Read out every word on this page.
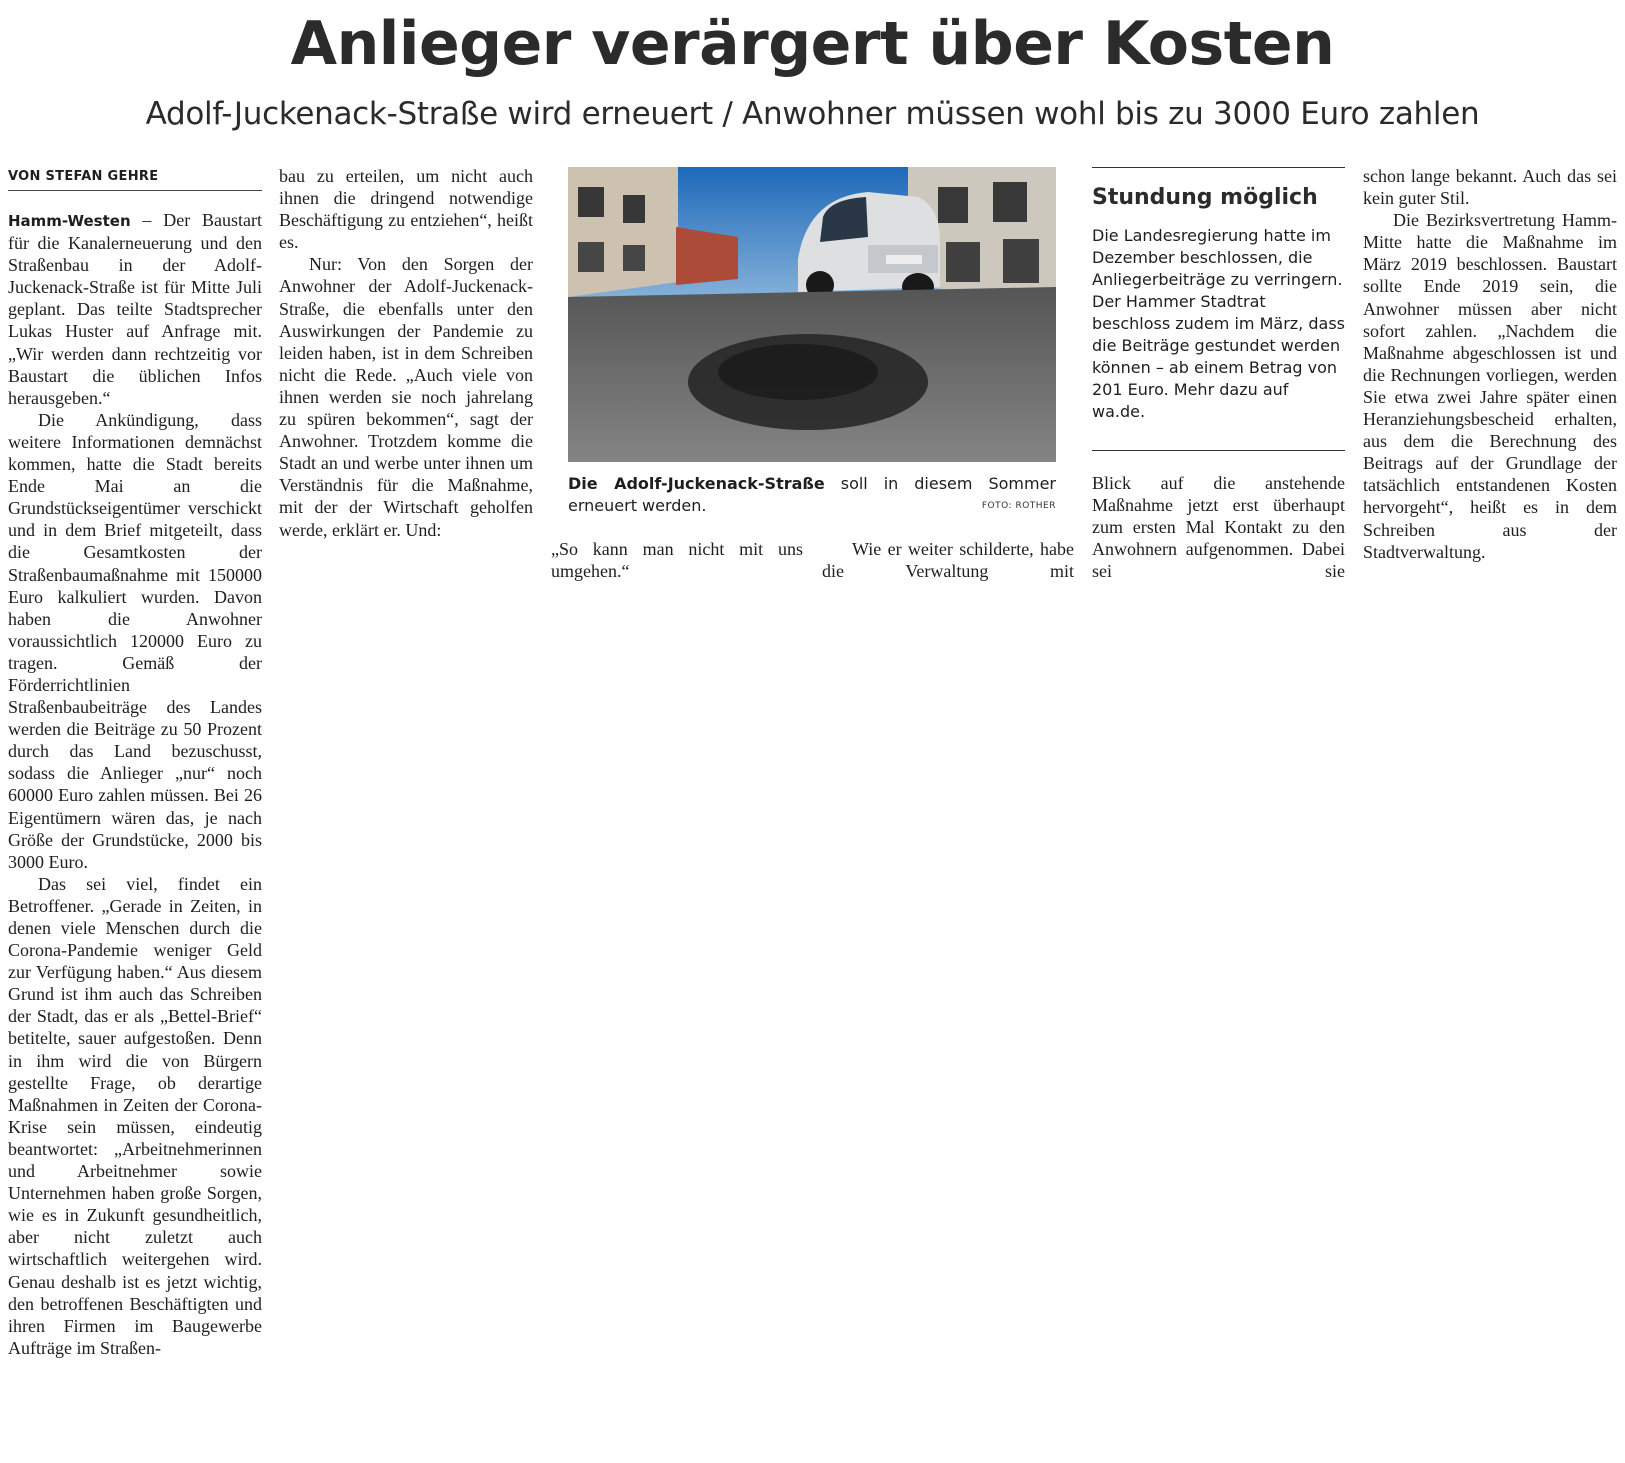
Anlieger verärgert über Kosten
Adolf-Juckenack-Straße wird erneuert / Anwohner müssen wohl bis zu 3000 Euro zahlen
VON STEFAN GEHRE

Hamm-Westen – Der Baustart für die Kanalerneuerung und den Straßenbau in der Adolf-Juckenack-Straße ist für Mitte Juli geplant. Das teilte Stadtsprecher Lukas Huster auf Anfrage mit. „Wir werden dann rechtzeitig vor Baustart die üblichen Infos herausgeben.“

Die Ankündigung, dass weitere Informationen demnächst kommen, hatte die Stadt bereits Ende Mai an die Grundstückseigentümer verschickt und in dem Brief mitgeteilt, dass die Gesamtkosten der Straßenbaumaßnahme mit 150000 Euro kalkuliert wurden. Davon haben die Anwohner voraussichtlich 120000 Euro zu tragen. Gemäß der Förderrichtlinien Straßenbaubeiträge des Landes werden die Beiträge zu 50 Prozent durch das Land bezuschusst, sodass die Anlieger „nur“ noch 60000 Euro zahlen müssen. Bei 26 Eigentümern wären das, je nach Größe der Grundstücke, 2000 bis 3000 Euro.

Das sei viel, findet ein Betroffener. „Gerade in Zeiten, in denen viele Menschen durch die Corona-Pandemie weniger Geld zur Verfügung haben.“ Aus diesem Grund ist ihm auch das Schreiben der Stadt, das er als „Bettel-Brief“ betitelte, sauer aufgestoßen. Denn in ihm wird die von Bürgern gestellte Frage, ob derartige Maßnahmen in Zeiten der Corona-Krise sein müssen, eindeutig beantwortet: „Arbeitnehmerinnen und Arbeitnehmer sowie Unternehmen haben große Sorgen, wie es in Zukunft gesundheitlich, aber nicht zuletzt auch wirtschaftlich weitergehen wird. Genau deshalb ist es jetzt wichtig, den betroffenen Beschäftigten und ihren Firmen im Baugewerbe Aufträge im Straßen-

bau zu erteilen, um nicht auch ihnen die dringend notwendige Beschäftigung zu entziehen“, heißt es.

Nur: Von den Sorgen der Anwohner der Adolf-Juckenack-Straße, die ebenfalls unter den Auswirkungen der Pandemie zu leiden haben, ist in dem Schreiben nicht die Rede. „Auch viele von ihnen werden sie noch jahrelang zu spüren bekommen“, sagt der Anwohner. Trotzdem komme die Stadt an und werbe unter ihnen um Verständnis für die Maßnahme, mit der der Wirtschaft geholfen werde, erklärt er. Und:

Die Adolf-Juckenack-Straße soll in diesem Sommer erneuert werden.	FOTO: ROTHER

„So kann man nicht mit uns umgehen.“

Wie er weiter schilderte, habe die Verwaltung mit

Stundung möglich

Die Landesregierung hatte im Dezember beschlossen, die Anliegerbeiträge zu verringern. Der Hammer Stadtrat beschloss zudem im März, dass die Beiträge gestundet werden können – ab einem Betrag von 201 Euro. Mehr dazu auf wa.de.

Blick auf die anstehende Maßnahme jetzt erst überhaupt zum ersten Mal Kontakt zu den Anwohnern aufgenommen. Dabei sei sie

schon lange bekannt. Auch das sei kein guter Stil.

Die Bezirksvertretung Hamm-Mitte hatte die Maßnahme im März 2019 beschlossen. Baustart sollte Ende 2019 sein, die Anwohner müssen aber nicht sofort zahlen. „Nachdem die Maßnahme abgeschlossen ist und die Rechnungen vorliegen, werden Sie etwa zwei Jahre später einen Heranziehungsbescheid erhalten, aus dem die Berechnung des Beitrags auf der Grundlage der tatsächlich entstandenen Kosten hervorgeht“, heißt es in dem Schreiben aus der Stadtverwaltung.
